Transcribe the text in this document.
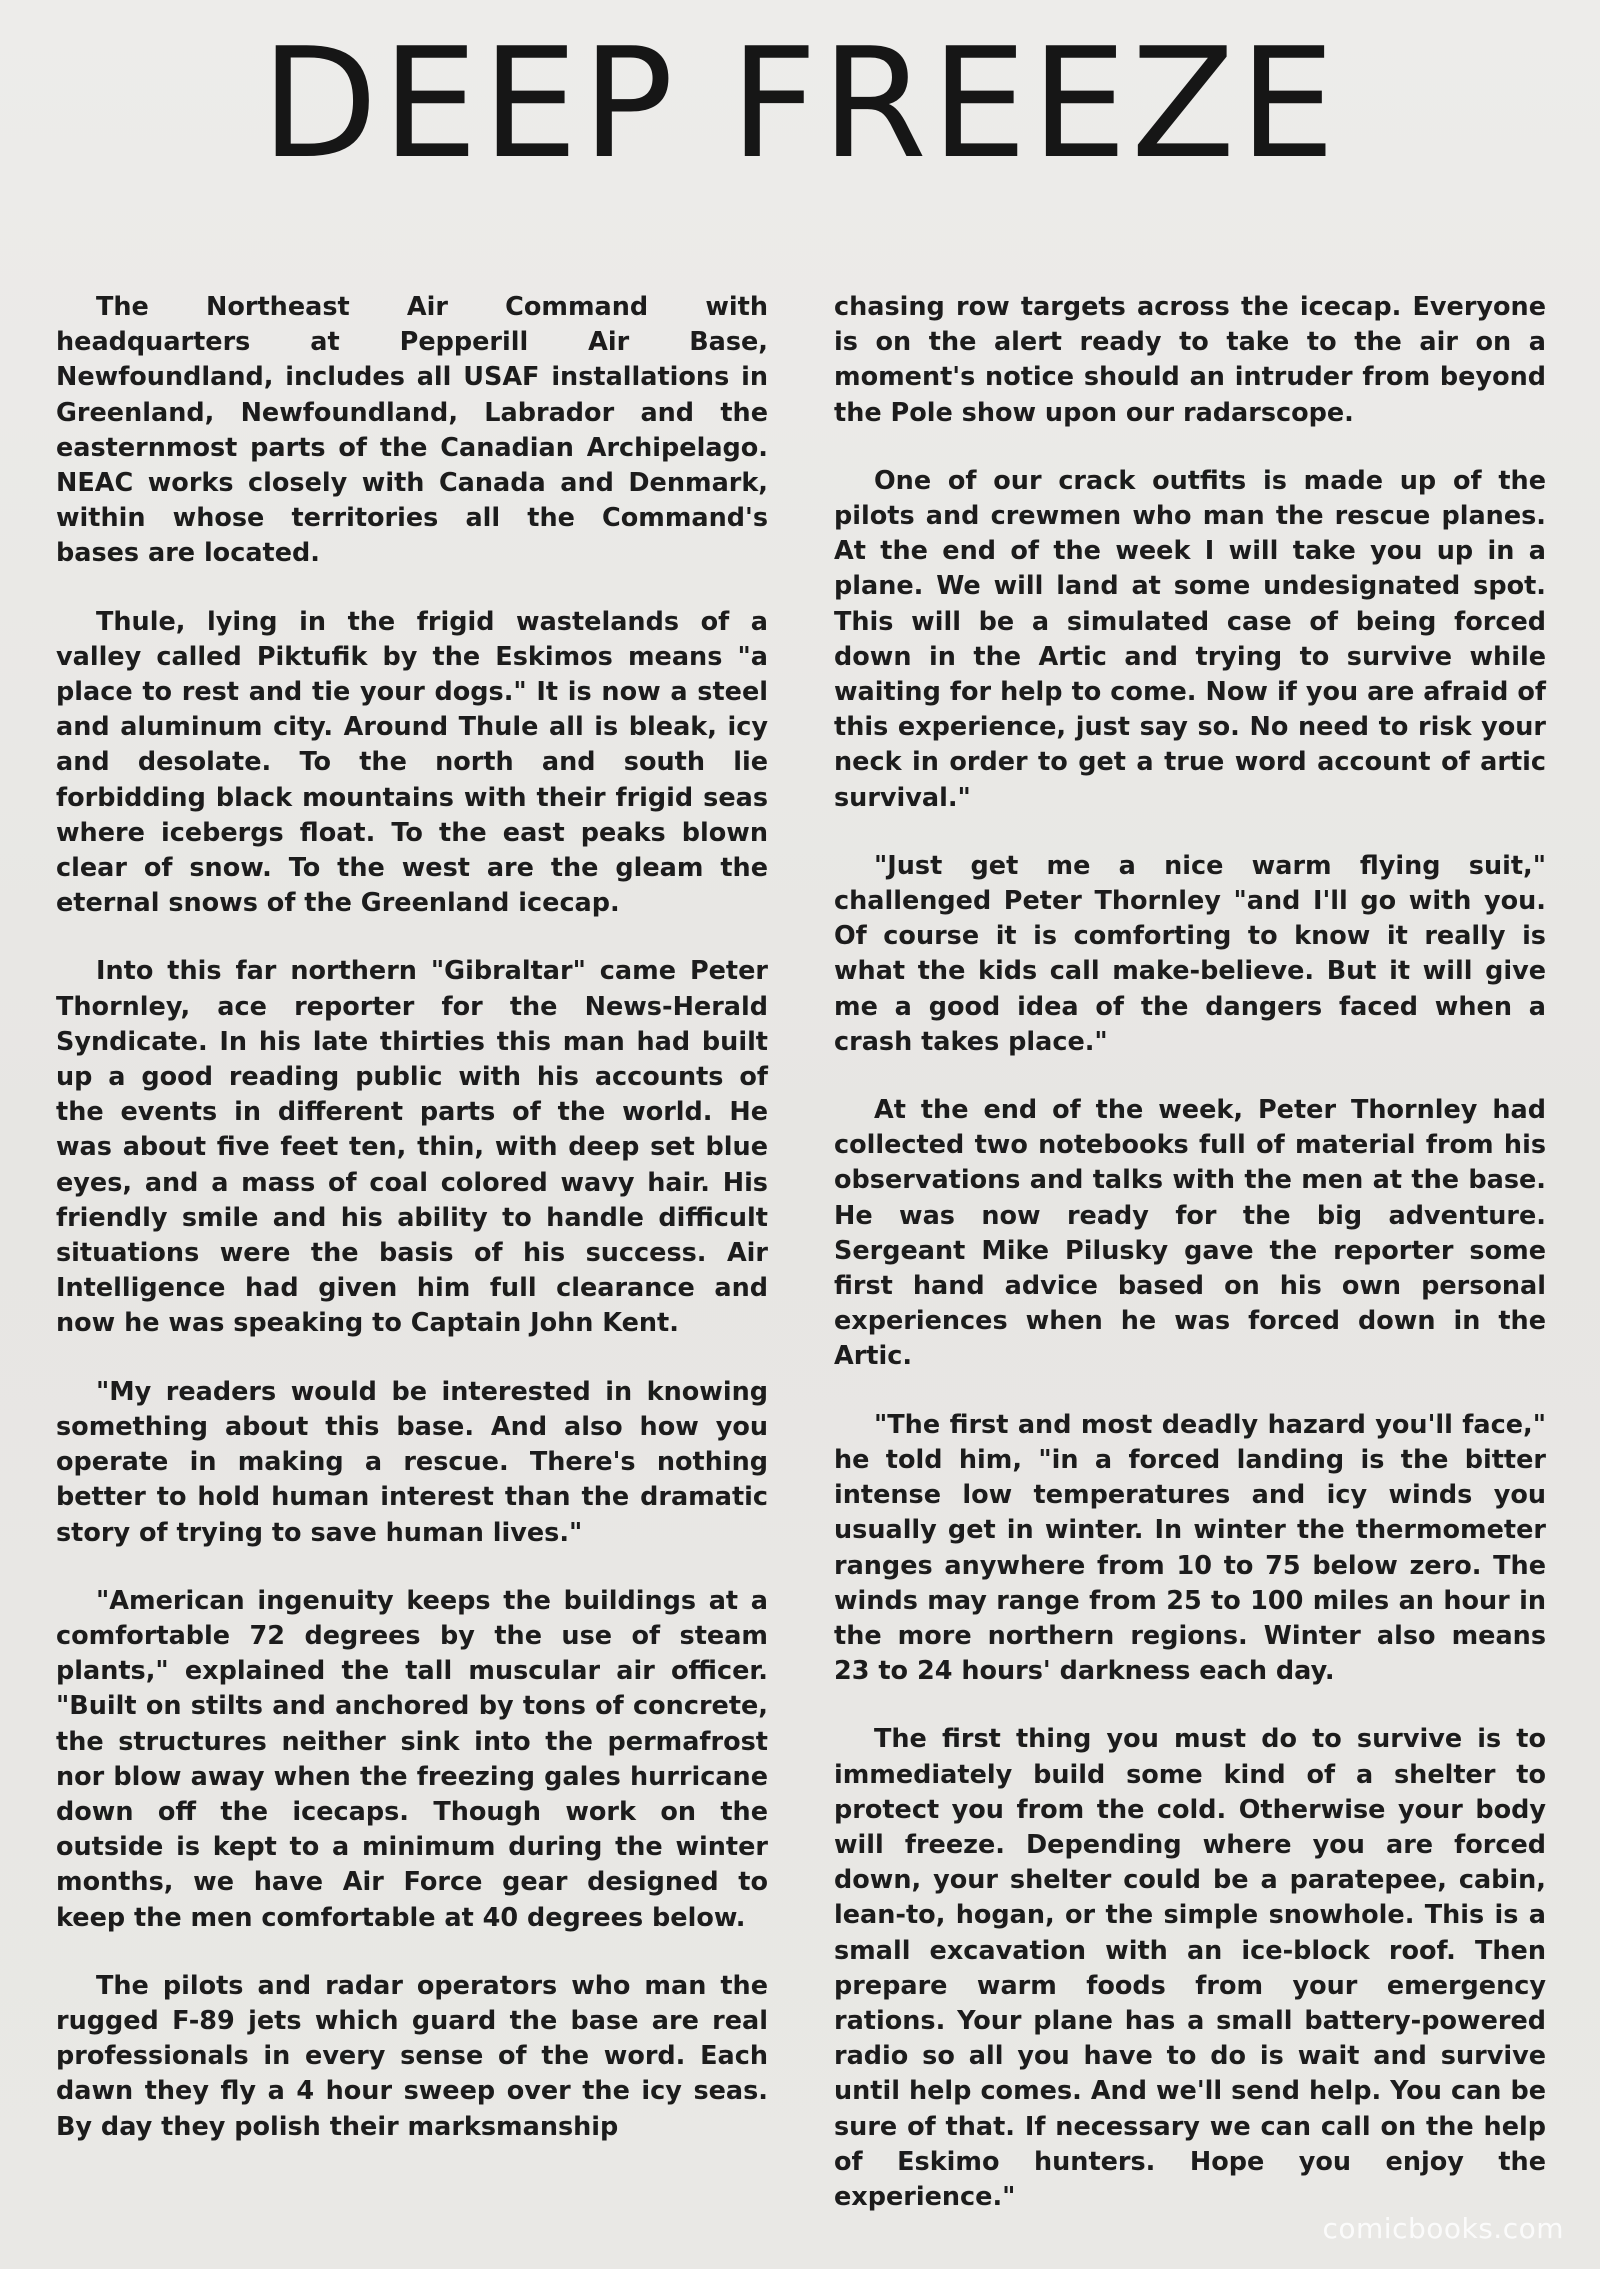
DEEP FREEZE

The Northeast Air Command with headquarters at Pepperill Air Base, Newfoundland, includes all USAF installations in Greenland, Newfoundland, Labrador and the easternmost parts of the Canadian Archipelago. NEAC works closely with Canada and Denmark, within whose territories all the Command's bases are located.

Thule, lying in the frigid wastelands of a valley called Piktufik by the Eskimos means "a place to rest and tie your dogs." It is now a steel and aluminum city. Around Thule all is bleak, icy and desolate. To the north and south lie forbidding black mountains with their frigid seas where icebergs float. To the east peaks blown clear of snow. To the west are the gleam the eternal snows of the Greenland icecap.

Into this far northern "Gibraltar" came Peter Thornley, ace reporter for the News-Herald Syndicate. In his late thirties this man had built up a good reading public with his accounts of the events in different parts of the world. He was about five feet ten, thin, with deep set blue eyes, and a mass of coal colored wavy hair. His friendly smile and his ability to handle difficult situations were the basis of his success. Air Intelligence had given him full clearance and now he was speaking to Captain John Kent.

"My readers would be interested in knowing something about this base. And also how you operate in making a rescue. There's nothing better to hold human interest than the dramatic story of trying to save human lives."

"American ingenuity keeps the buildings at a comfortable 72 degrees by the use of steam plants," explained the tall muscular air officer. "Built on stilts and anchored by tons of concrete, the structures neither sink into the permafrost nor blow away when the freezing gales hurricane down off the icecaps. Though work on the outside is kept to a minimum during the winter months, we have Air Force gear designed to keep the men comfortable at 40 degrees below.

The pilots and radar operators who man the rugged F-89 jets which guard the base are real professionals in every sense of the word. Each dawn they fly a 4 hour sweep over the icy seas. By day they polish their marksmanship

chasing row targets across the icecap. Everyone is on the alert ready to take to the air on a moment's notice should an intruder from beyond the Pole show upon our radarscope.

One of our crack outfits is made up of the pilots and crewmen who man the rescue planes. At the end of the week I will take you up in a plane. We will land at some undesignated spot. This will be a simulated case of being forced down in the Artic and trying to survive while waiting for help to come. Now if you are afraid of this experience, just say so. No need to risk your neck in order to get a true word account of artic survival."

"Just get me a nice warm flying suit," challenged Peter Thornley "and I'll go with you. Of course it is comforting to know it really is what the kids call make-believe. But it will give me a good idea of the dangers faced when a crash takes place."

At the end of the week, Peter Thornley had collected two notebooks full of material from his observations and talks with the men at the base. He was now ready for the big adventure. Sergeant Mike Pilusky gave the reporter some first hand advice based on his own personal experiences when he was forced down in the Artic.

"The first and most deadly hazard you'll face," he told him, "in a forced landing is the bitter intense low temperatures and icy winds you usually get in winter. In winter the thermometer ranges anywhere from 10 to 75 below zero. The winds may range from 25 to 100 miles an hour in the more northern regions. Winter also means 23 to 24 hours' darkness each day.

The first thing you must do to survive is to immediately build some kind of a shelter to protect you from the cold. Otherwise your body will freeze. Depending where you are forced down, your shelter could be a paratepee, cabin, lean-to, hogan, or the simple snowhole. This is a small excavation with an ice-block roof. Then prepare warm foods from your emergency rations. Your plane has a small battery-powered radio so all you have to do is wait and survive until help comes. And we'll send help. You can be sure of that. If necessary we can call on the help of Eskimo hunters. Hope you enjoy the experience."

comicbooks.com
